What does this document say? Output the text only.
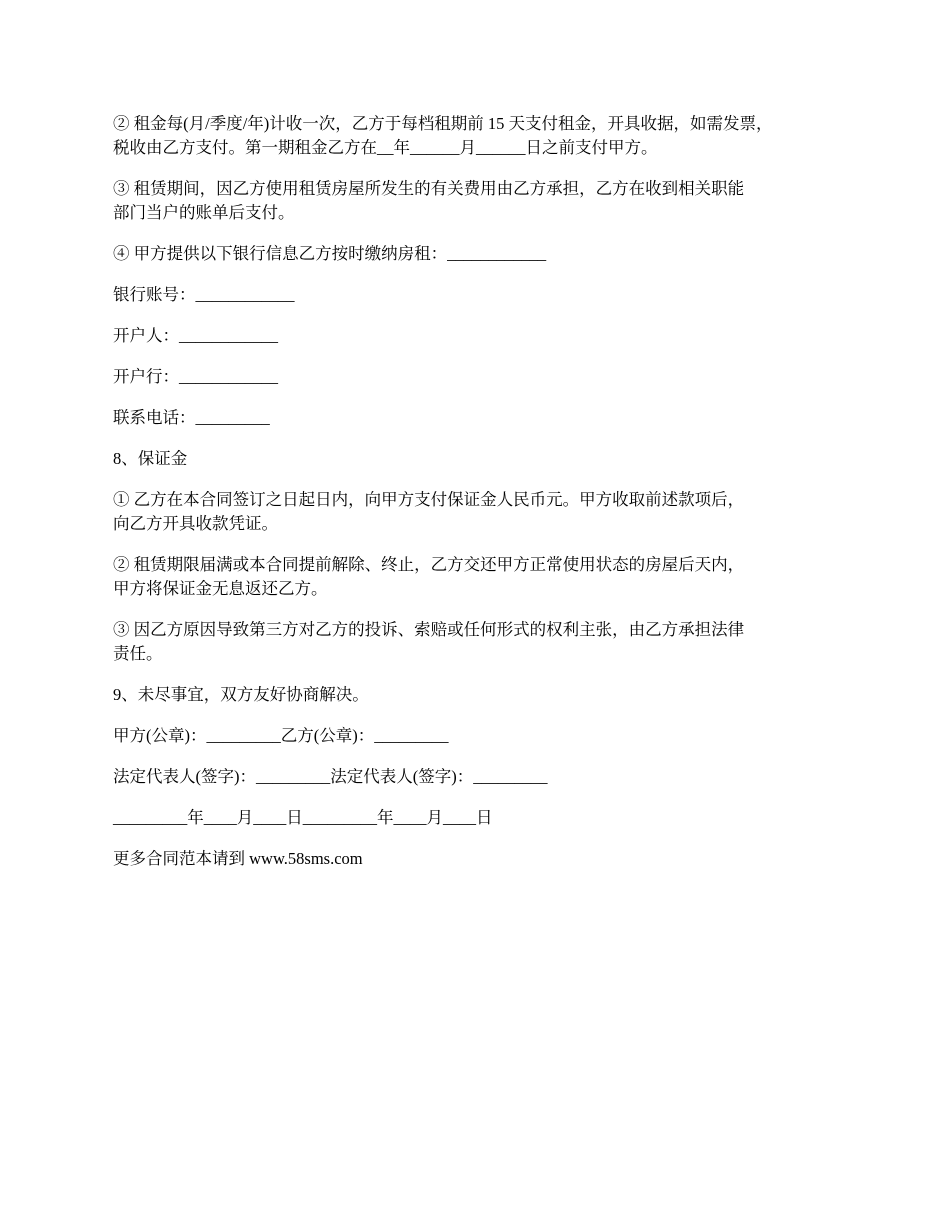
② 租金每(月/季度/年)计收一次，乙方于每档租期前 15 天支付租金，开具收据，如需发票，
税收由乙方支付。第一期租金乙方在__年______月______日之前支付甲方。

③ 租赁期间，因乙方使用租赁房屋所发生的有关费用由乙方承担，乙方在收到相关职能
部门当户的账单后支付。

④ 甲方提供以下银行信息乙方按时缴纳房租：____________

银行账号：____________

开户人：____________

开户行：____________

联系电话：_________

8、保证金

① 乙方在本合同签订之日起日内，向甲方支付保证金人民币元。甲方收取前述款项后，
向乙方开具收款凭证。

② 租赁期限届满或本合同提前解除、终止，乙方交还甲方正常使用状态的房屋后天内，
甲方将保证金无息返还乙方。

③ 因乙方原因导致第三方对乙方的投诉、索赔或任何形式的权利主张，由乙方承担法律
责任。

9、未尽事宜，双方友好协商解决。

甲方(公章)：_________乙方(公章)：_________

法定代表人(签字)：_________法定代表人(签字)：_________

_________年____月____日_________年____月____日

更多合同范本请到 www.58sms.com
